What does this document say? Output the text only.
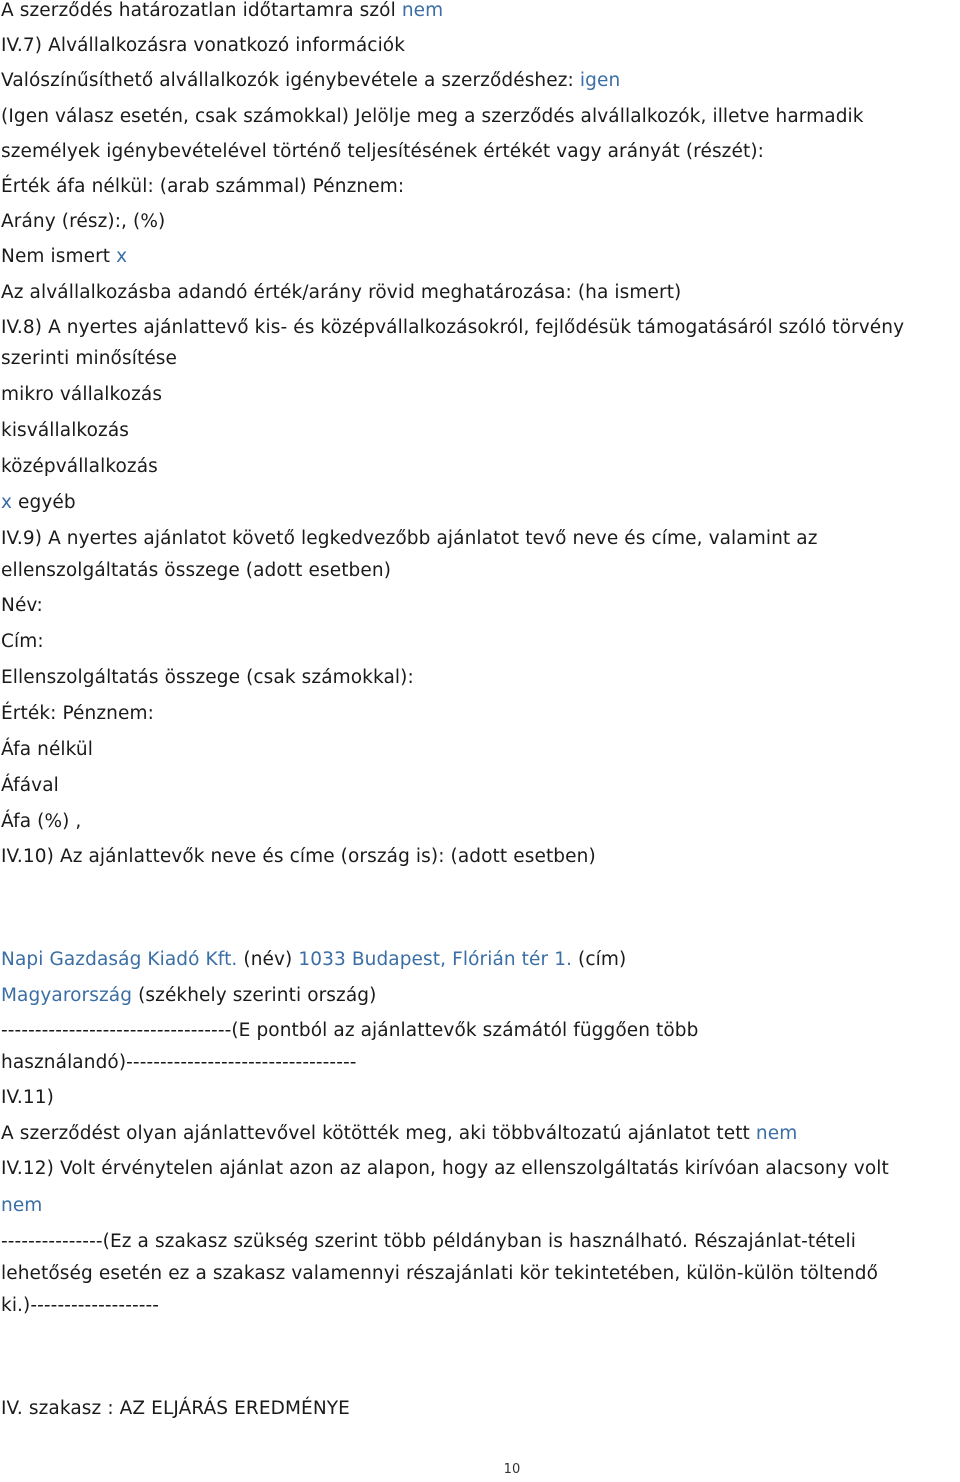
A szerződés határozatlan időtartamra szól nem
IV.7) Alvállalkozásra vonatkozó információk
Valószínűsíthető alvállalkozók igénybevétele a szerződéshez: igen
(Igen válasz esetén, csak számokkal) Jelölje meg a szerződés alvállalkozók, illetve harmadik
személyek igénybevételével történő teljesítésének értékét vagy arányát (részét):
Érték áfa nélkül: (arab számmal) Pénznem:
Arány (rész):, (%)
Nem ismert x
Az alvállalkozásba adandó érték/arány rövid meghatározása: (ha ismert)
IV.8) A nyertes ajánlattevő kis- és középvállalkozásokról, fejlődésük támogatásáról szóló törvény
szerinti minősítése
mikro vállalkozás
kisvállalkozás
középvállalkozás
x egyéb
IV.9) A nyertes ajánlatot követő legkedvezőbb ajánlatot tevő neve és címe, valamint az
ellenszolgáltatás összege (adott esetben)
Név:
Cím:
Ellenszolgáltatás összege (csak számokkal):
Érték: Pénznem:
Áfa nélkül
Áfával
Áfa (%) ,
IV.10) Az ajánlattevők neve és címe (ország is): (adott esetben)
Napi Gazdaság Kiadó Kft. (név) 1033 Budapest, Flórián tér 1. (cím)
Magyarország (székhely szerinti ország)
----------------------------------(E pontból az ajánlattevők számától függően több
használandó)----------------------------------
IV.11)
A szerződést olyan ajánlattevővel kötötték meg, aki többváltozatú ajánlatot tett nem
IV.12) Volt érvénytelen ajánlat azon az alapon, hogy az ellenszolgáltatás kirívóan alacsony volt
nem
---------------(Ez a szakasz szükség szerint több példányban is használható. Részajánlat-tételi
lehetőség esetén ez a szakasz valamennyi részajánlati kör tekintetében, külön-külön töltendő
ki.)-------------------
IV. szakasz : AZ ELJÁRÁS EREDMÉNYE
10
